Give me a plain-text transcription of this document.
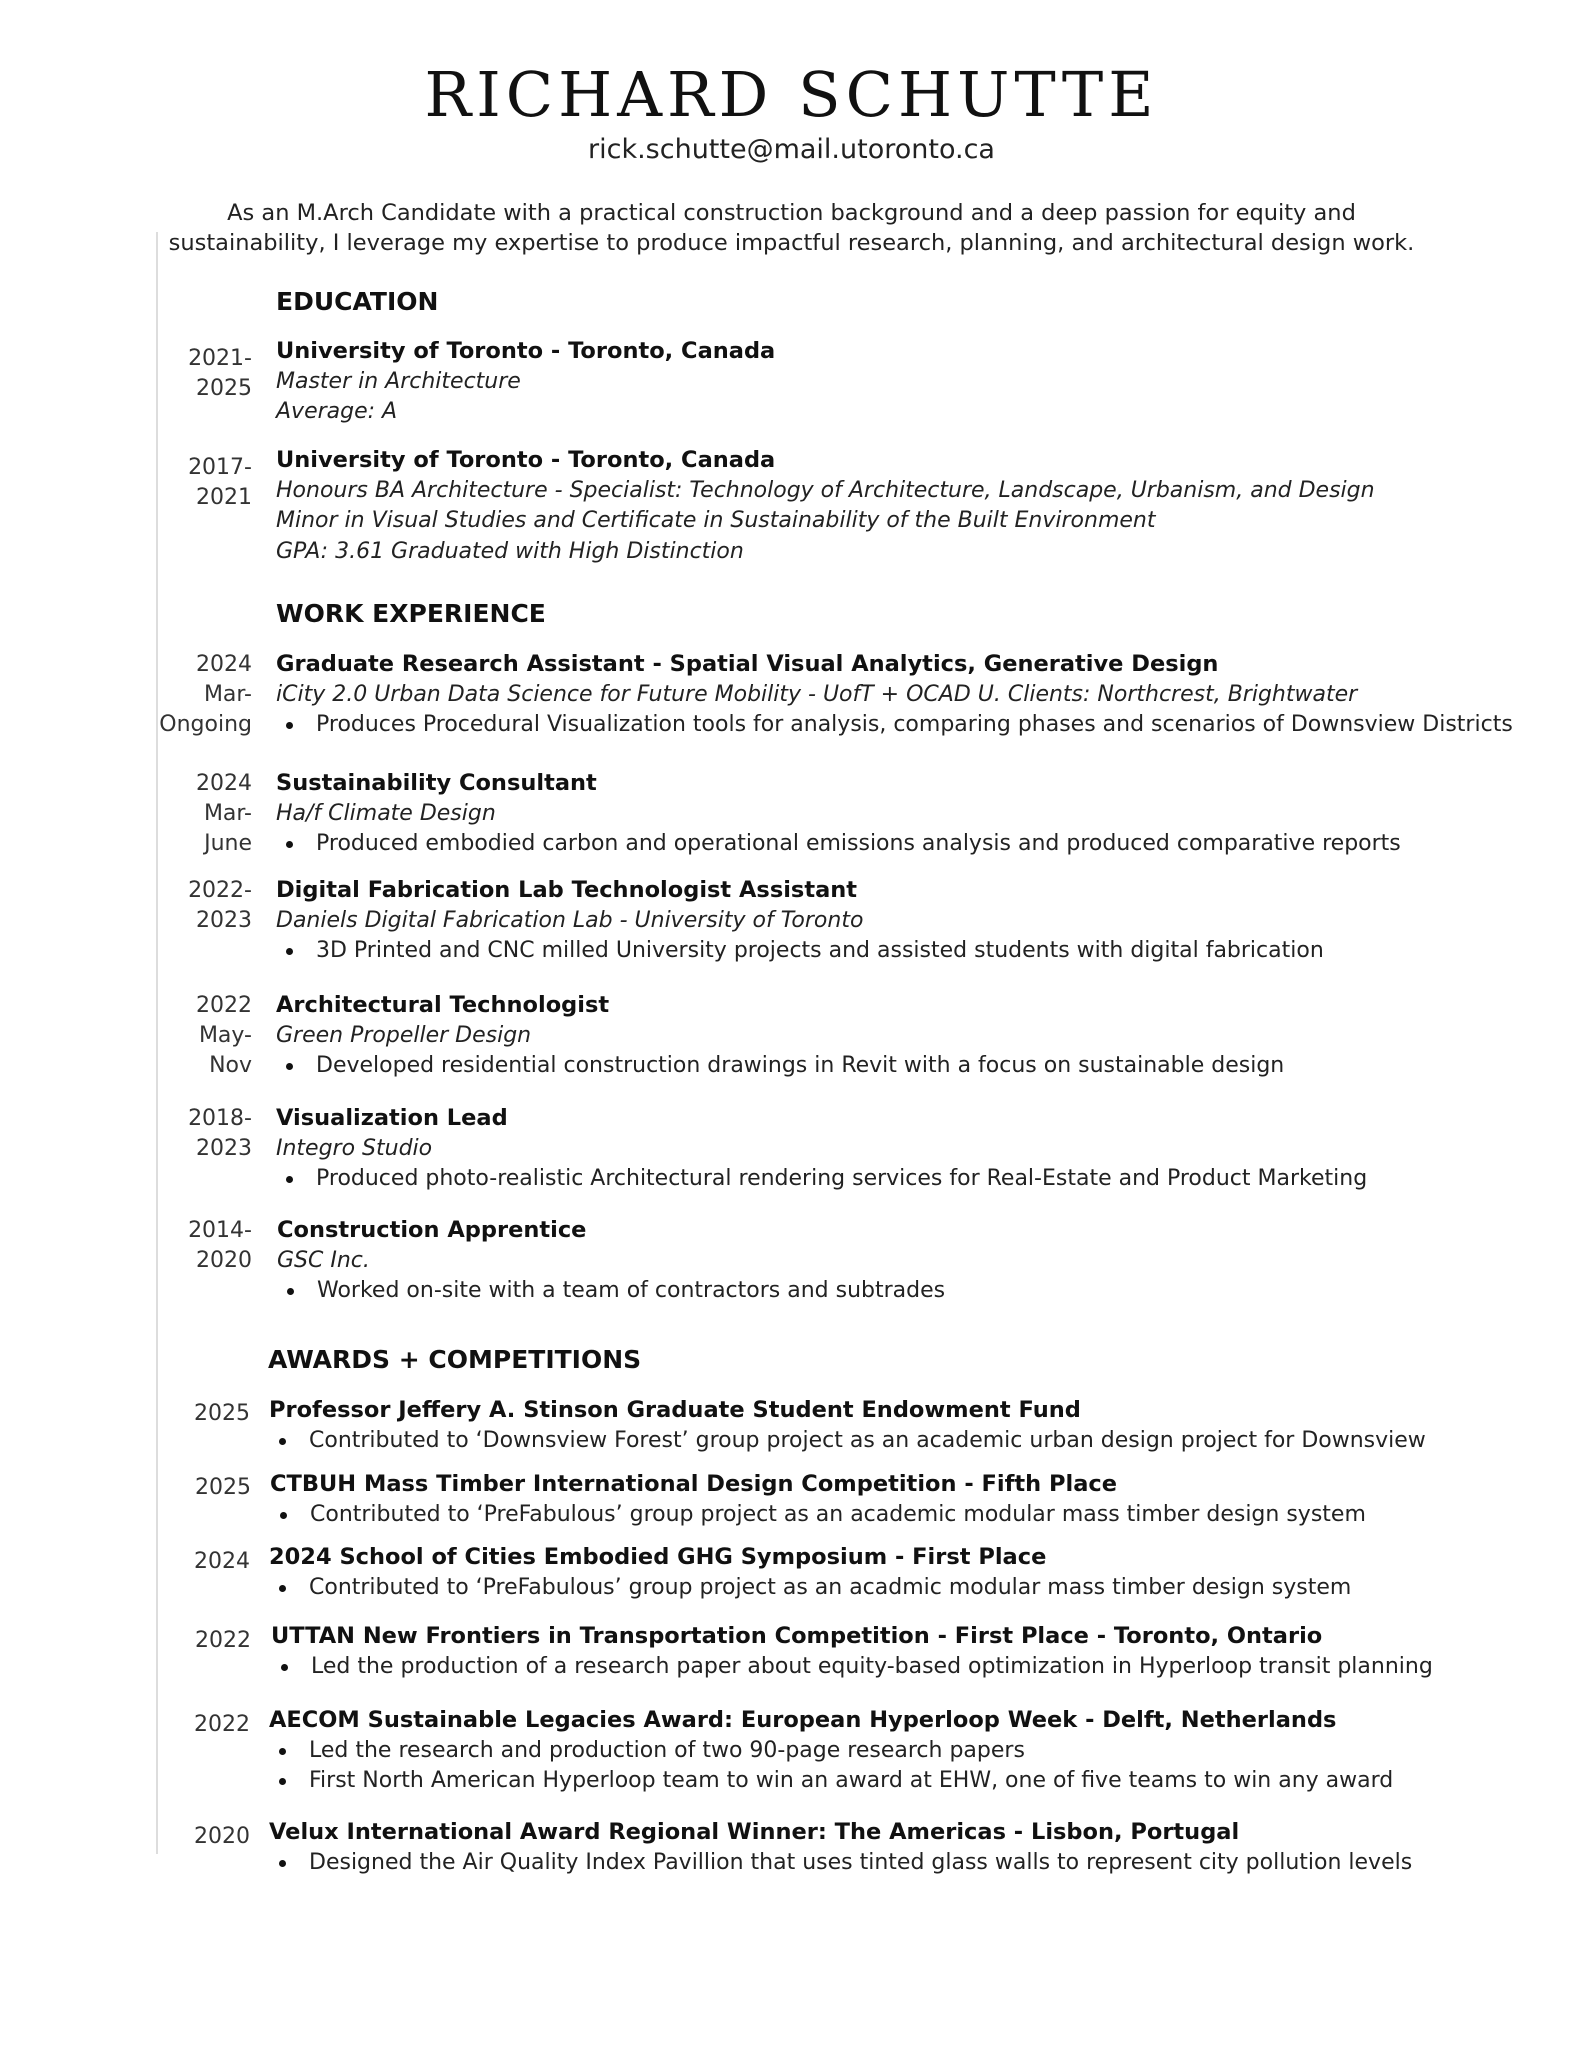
RICHARD SCHUTTE
rick.schutte@mail.utoronto.ca
As an M.Arch Candidate with a practical construction background and a deep passion for equity and sustainability, I leverage my expertise to produce impactful research, planning, and architectural design work.
EDUCATION
2021-
2025
University of Toronto - Toronto, Canada
Master in Architecture
Average: A
2017-
2021
University of Toronto - Toronto, Canada
Honours BA Architecture - Specialist: Technology of Architecture, Landscape, Urbanism, and Design
Minor in Visual Studies and Certificate in Sustainability of the Built Environment
GPA: 3.61 Graduated with High Distinction
WORK EXPERIENCE
2024
Mar-
Ongoing
Graduate Research Assistant - Spatial Visual Analytics, Generative Design
iCity 2.0 Urban Data Science for Future Mobility - UofT + OCAD U. Clients: Northcrest, Brightwater
Produces Procedural Visualization tools for analysis, comparing phases and scenarios of Downsview Districts
2024
Mar-
June
Sustainability Consultant
Ha/f Climate Design
Produced embodied carbon and operational emissions analysis and produced comparative reports
2022-
2023
Digital Fabrication Lab Technologist Assistant
Daniels Digital Fabrication Lab - University of Toronto
3D Printed and CNC milled University projects and assisted students with digital fabrication
2022
May-
Nov
Architectural Technologist
Green Propeller Design
Developed residential construction drawings in Revit with a focus on sustainable design
2018-
2023
Visualization Lead
Integro Studio
Produced photo-realistic Architectural rendering services for Real-Estate and Product Marketing
2014-
2020
Construction Apprentice
GSC Inc.
Worked on-site with a team of contractors and subtrades
AWARDS + COMPETITIONS
2025 Professor Jeffery A. Stinson Graduate Student Endowment Fund
Contributed to ‘Downsview Forest’ group project as an academic urban design project for Downsview
2025 CTBUH Mass Timber International Design Competition - Fifth Place
Contributed to ‘PreFabulous’ group project as an academic modular mass timber design system
2024 2024 School of Cities Embodied GHG Symposium - First Place
Contributed to ‘PreFabulous’ group project as an acadmic modular mass timber design system
2022 UTTAN New Frontiers in Transportation Competition - First Place - Toronto, Ontario
Led the production of a research paper about equity-based optimization in Hyperloop transit planning
2022 AECOM Sustainable Legacies Award: European Hyperloop Week - Delft, Netherlands
Led the research and production of two 90-page research papers
First North American Hyperloop team to win an award at EHW, one of five teams to win any award
2020 Velux International Award Regional Winner: The Americas - Lisbon, Portugal
Designed the Air Quality Index Pavillion that uses tinted glass walls to represent city pollution levels
